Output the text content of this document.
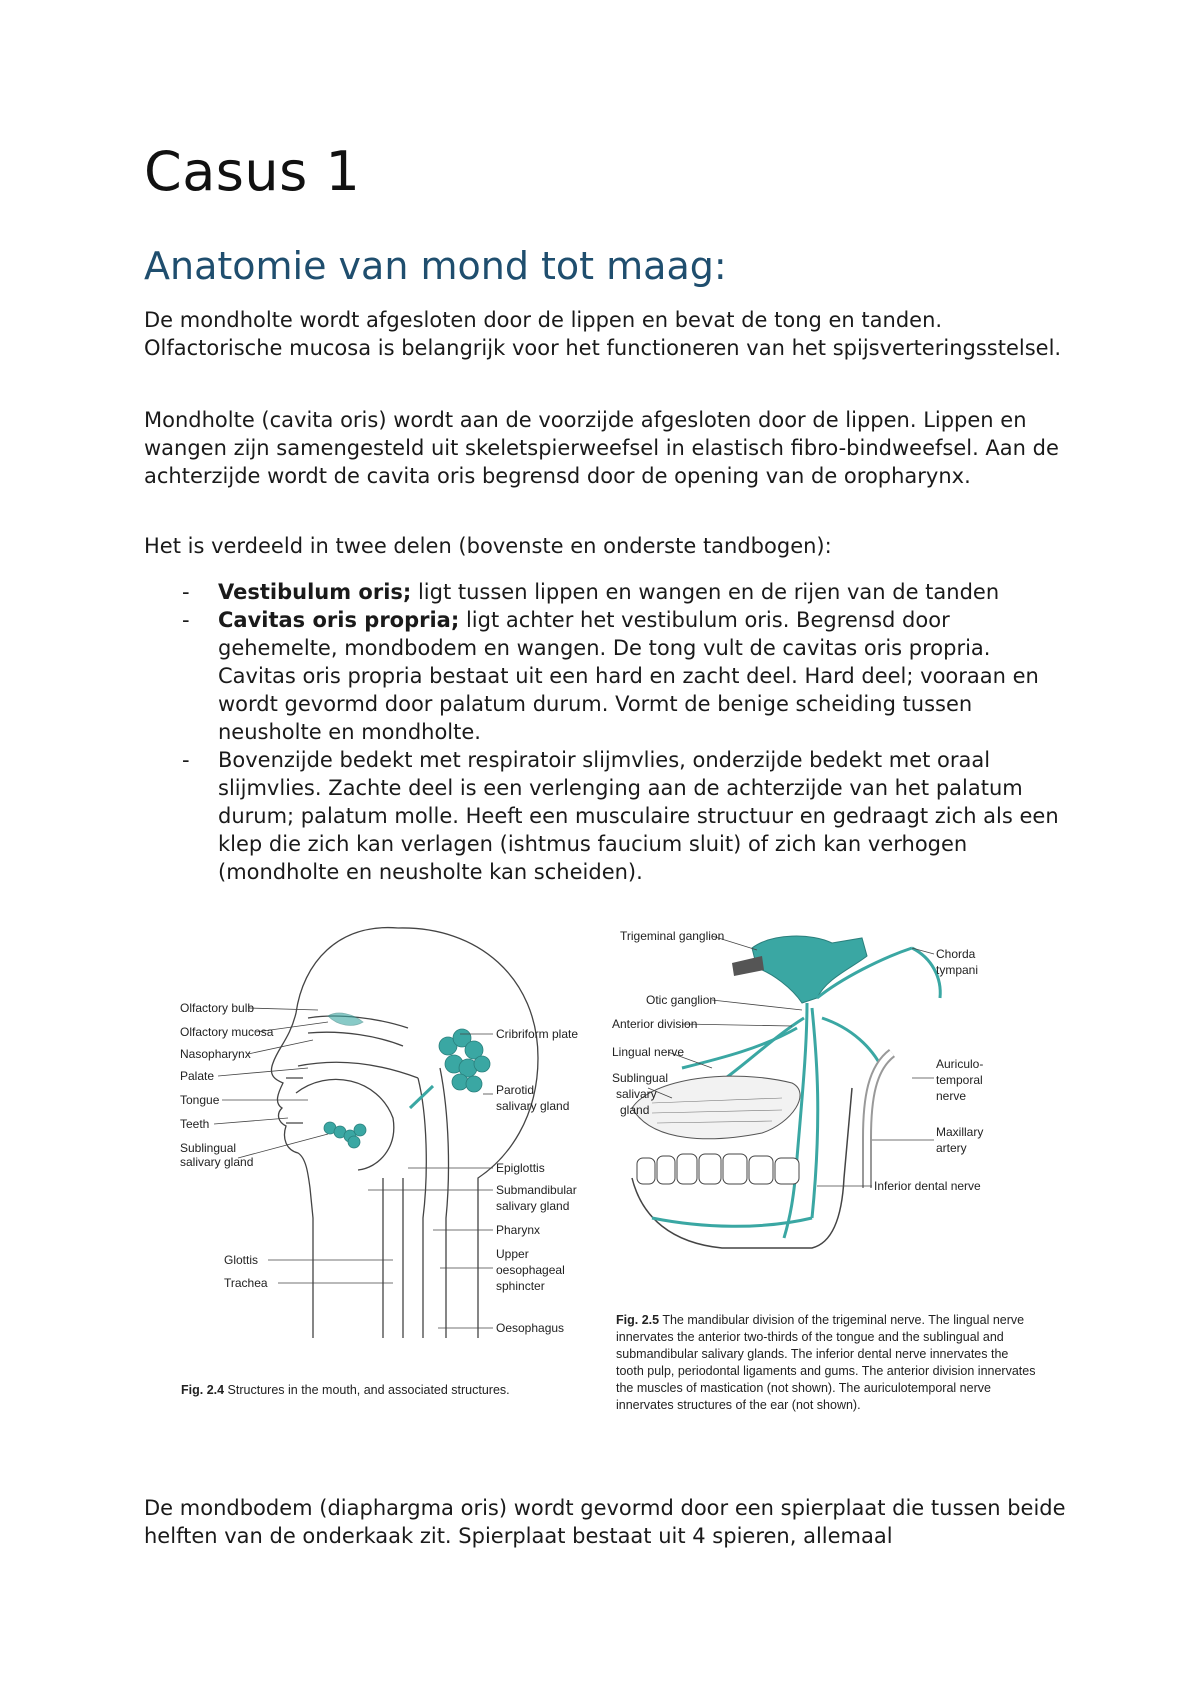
Casus 1
Anatomie van mond tot maag:

De mondholte wordt afgesloten door de lippen en bevat de tong en tanden. Olfactorische mucosa is belangrijk voor het functioneren van het spijsverteringsstelsel.

Mondholte (cavita oris) wordt aan de voorzijde afgesloten door de lippen. Lippen en wangen zijn samengesteld uit skeletspierweefsel in elastisch fibro-bindweefsel. Aan de achterzijde wordt de cavita oris begrensd door de opening van de oropharynx.

Het is verdeeld in twee delen (bovenste en onderste tandbogen):

- Vestibulum oris; ligt tussen lippen en wangen en de rijen van de tanden
- Cavitas oris propria; ligt achter het vestibulum oris. Begrensd door gehemelte, mondbodem en wangen. De tong vult de cavitas oris propria. Cavitas oris propria bestaat uit een hard en zacht deel. Hard deel; vooraan en wordt gevormd door palatum durum. Vormt de benige scheiding tussen neusholte en mondholte.
- Bovenzijde bedekt met respiratoir slijmvlies, onderzijde bedekt met oraal slijmvlies. Zachte deel is een verlenging aan de achterzijde van het palatum durum; palatum molle. Heeft een musculaire structuur en gedraagt zich als een klep die zich kan verlagen (ishtmus faucium sluit) of zich kan verhogen (mondholte en neusholte kan scheiden).
Olfactory bulb
Olfactory mucosa
Nasopharynx
Palate
Tongue
Teeth
Sublingual
salivary gland
Glottis
Trachea
Cribriform plate
Parotid
salivary gland
Epiglottis
Submandibular
salivary gland
Pharynx
Upper
oesophageal
sphincter
Oesophagus
Fig. 2.4 Structures in the mouth, and associated structures.
Trigeminal ganglion
Otic ganglion
Anterior division
Lingual nerve
Sublingual
salivary
gland
Chorda
tympani
Auriculo-
temporal
nerve
Maxillary
artery
Inferior dental nerve
Fig. 2.5 The mandibular division of the trigeminal nerve. The lingual nerve innervates the anterior two-thirds of the tongue and the sublingual and submandibular salivary glands. The inferior dental nerve innervates the tooth pulp, periodontal ligaments and gums. The anterior division innervates the muscles of mastication (not shown). The auriculotemporal nerve innervates structures of the ear (not shown).

De mondbodem (diaphargma oris) wordt gevormd door een spierplaat die tussen beide helften van de onderkaak zit. Spierplaat bestaat uit 4 spieren, allemaal
